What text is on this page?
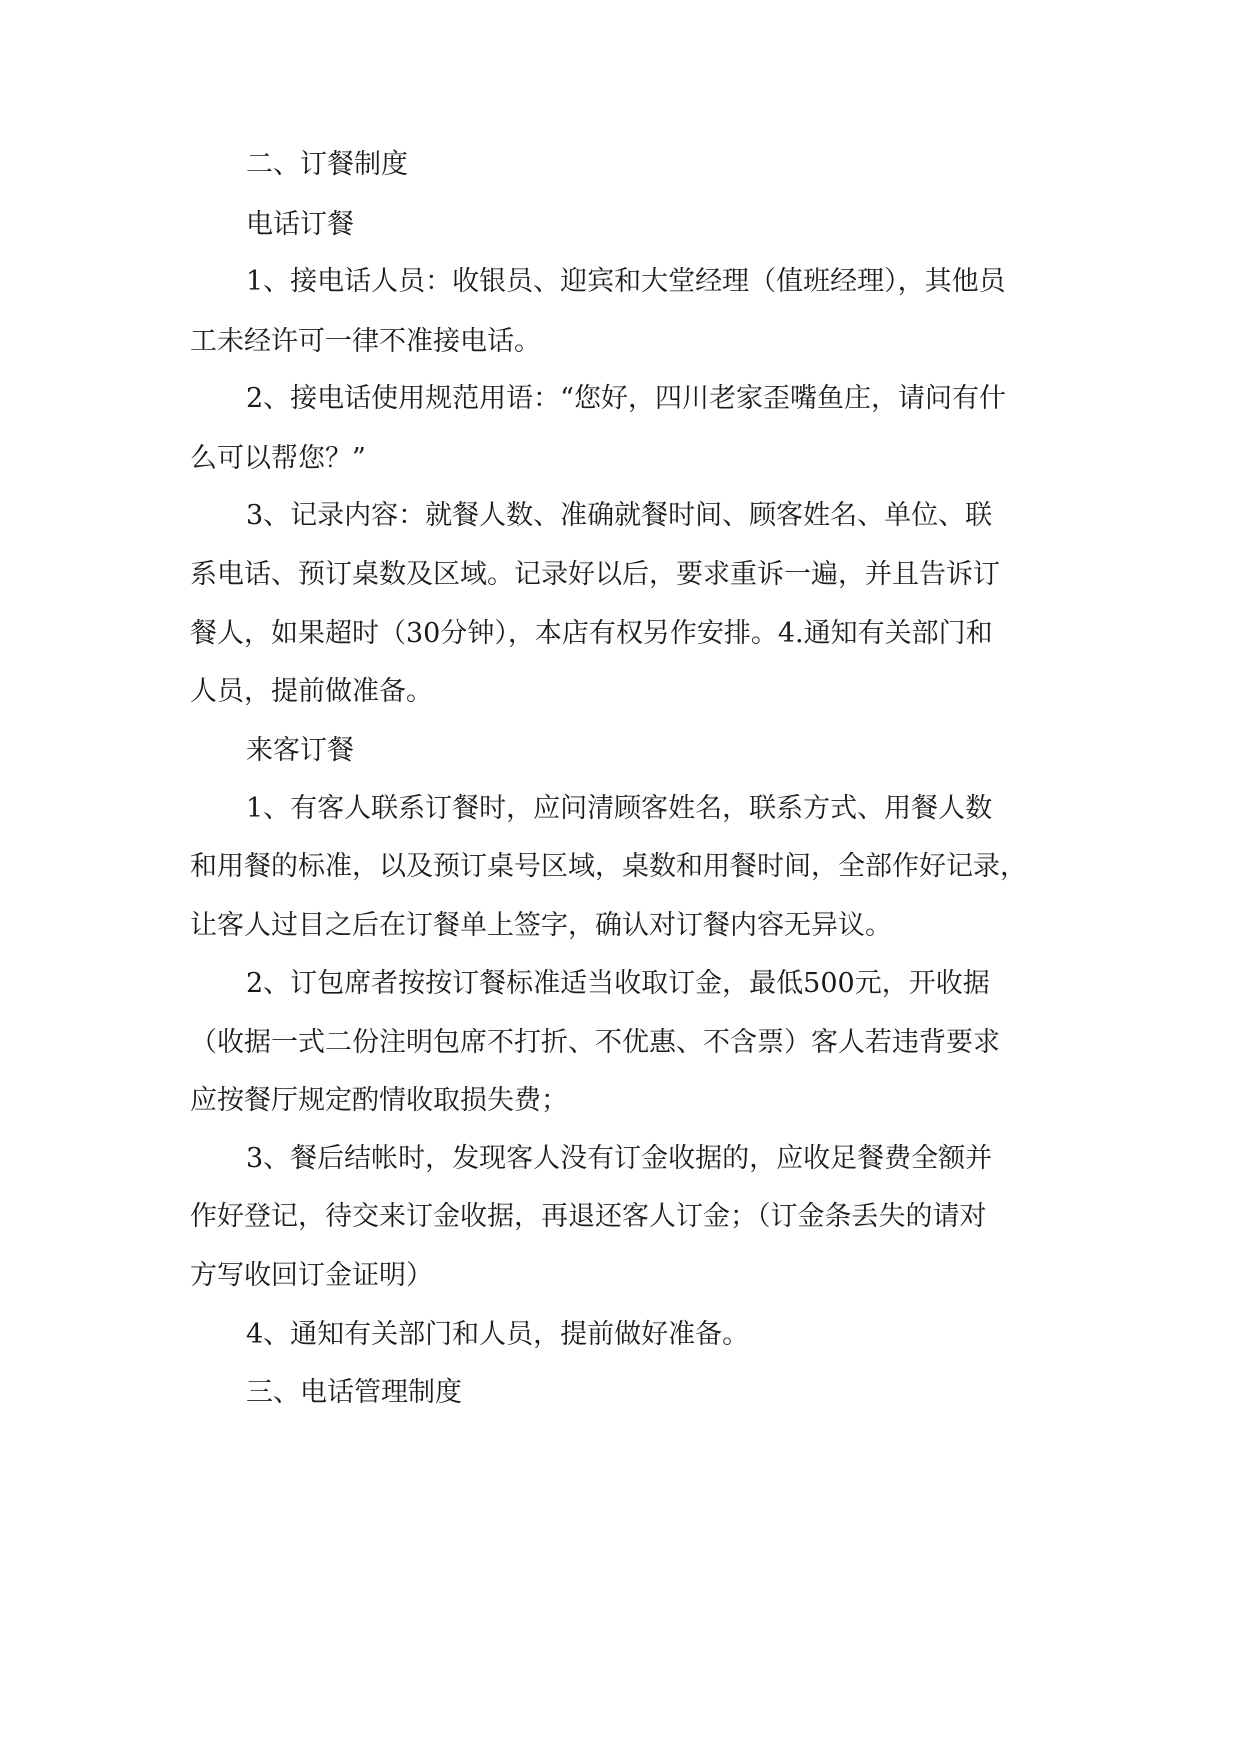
二、订餐制度
电话订餐
1、接电话人员：收银员、迎宾和大堂经理（值班经理），其他员
工未经许可一律不准接电话。
2、接电话使用规范用语：“您好，四川老家歪嘴鱼庄，请问有什
么可以帮您？”
3、记录内容：就餐人数、准确就餐时间、顾客姓名、单位、联
系电话、预订桌数及区域。记录好以后，要求重诉一遍，并且告诉订
餐人，如果超时（30分钟），本店有权另作安排。4.通知有关部门和
人员，提前做准备。
来客订餐
1、有客人联系订餐时，应问清顾客姓名，联系方式、用餐人数
和用餐的标准，以及预订桌号区域，桌数和用餐时间，全部作好记录，
让客人过目之后在订餐单上签字，确认对订餐内容无异议。
2、订包席者按按订餐标准适当收取订金，最低500元，开收据
（收据一式二份注明包席不打折、不优惠、不含票）客人若违背要求
应按餐厅规定酌情收取损失费；
3、餐后结帐时，发现客人没有订金收据的，应收足餐费全额并
作好登记，待交来订金收据，再退还客人订金；（订金条丢失的请对
方写收回订金证明）
4、通知有关部门和人员，提前做好准备。
三、电话管理制度
